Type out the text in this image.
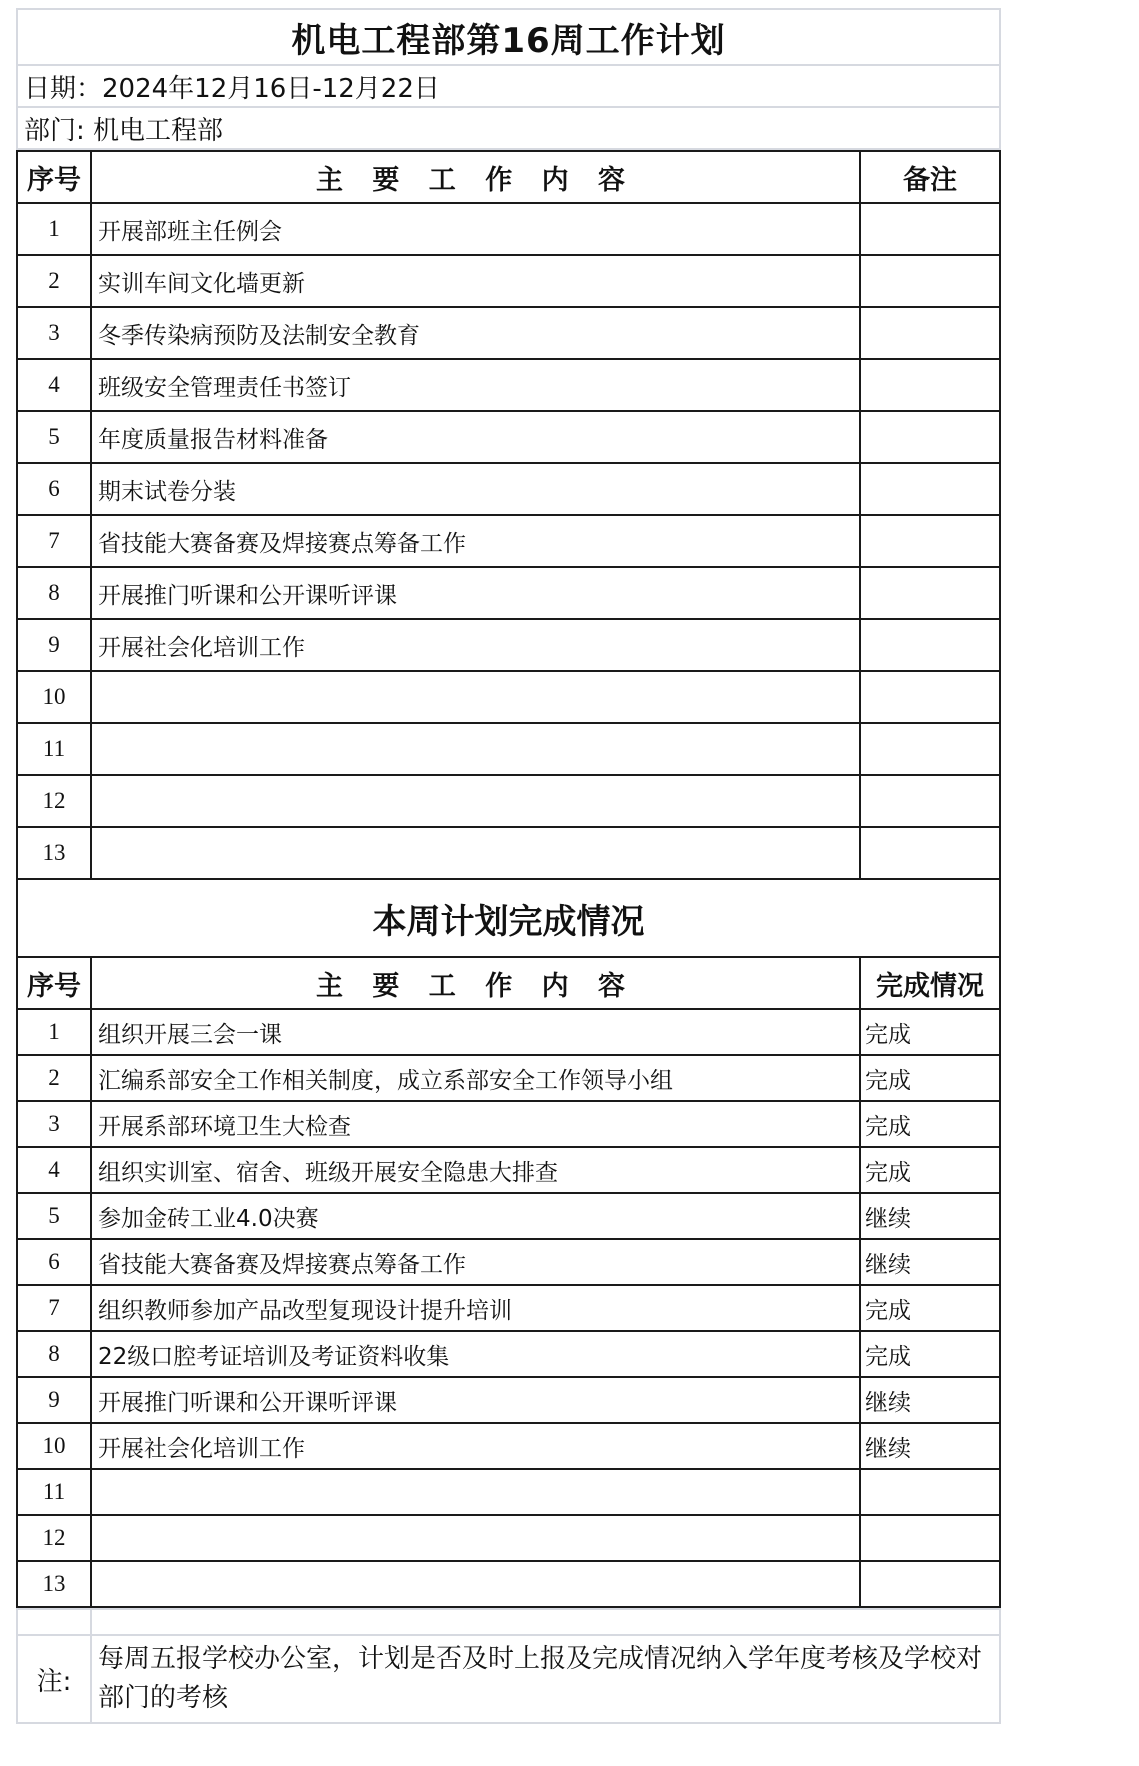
机电工程部第16周工作计划
日期：2024年12月16日-12月22日
部门: 机电工程部
序号	主 要 工 作 内 容	备注
1	开展部班主任例会	
2	实训车间文化墙更新	
3	冬季传染病预防及法制安全教育	
4	班级安全管理责任书签订	
5	年度质量报告材料准备	
6	期末试卷分装	
7	省技能大赛备赛及焊接赛点筹备工作	
8	开展推门听课和公开课听评课	
9	开展社会化培训工作	
10		
11		
12		
13		
本周计划完成情况		
序号	主 要 工 作 内 容	完成情况
1	组织开展三会一课	完成
2	汇编系部安全工作相关制度，成立系部安全工作领导小组	完成
3	开展系部环境卫生大检查	完成
4	组织实训室、宿舍、班级开展安全隐患大排查	完成
5	参加金砖工业4.0决赛	继续
6	省技能大赛备赛及焊接赛点筹备工作	继续
7	组织教师参加产品改型复现设计提升培训	完成
8	22级口腔考证培训及考证资料收集	完成
9	开展推门听课和公开课听评课	继续
10	开展社会化培训工作	继续
11		
12		
13		

注:	每周五报学校办公室，计划是否及时上报及完成情况纳入学年度考核及学校对部门的考核
